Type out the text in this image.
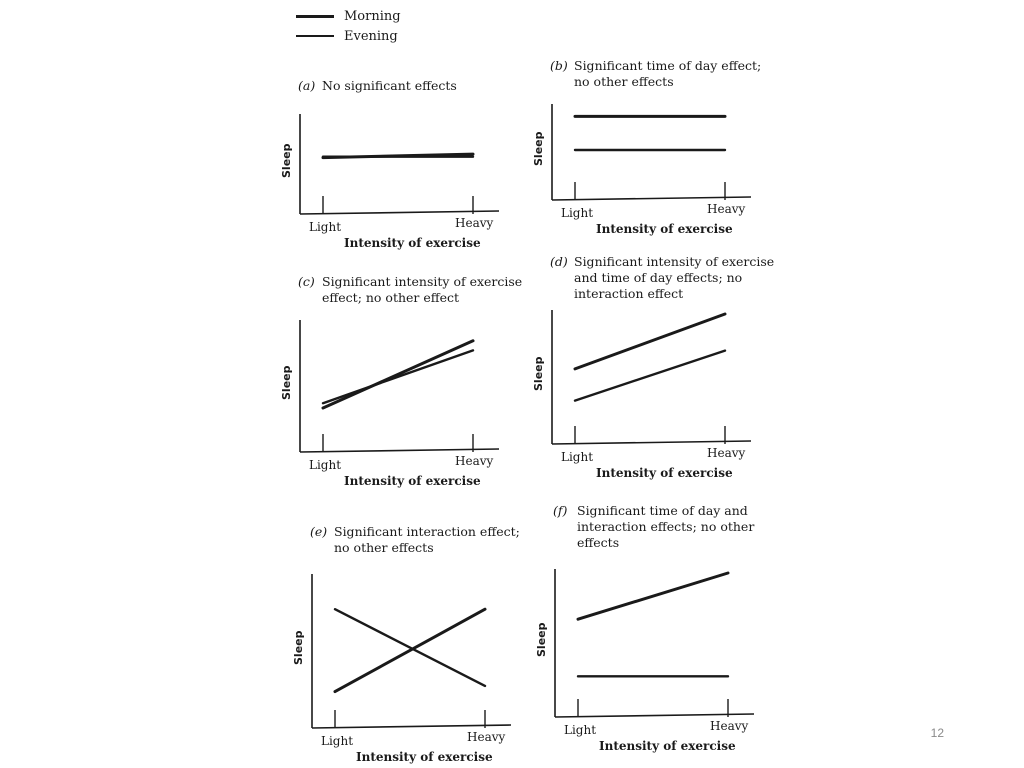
Morning
Evening
(a) No significant effects
Sleep
Light	Heavy
Intensity of exercise
(b) Significant time of day effect;
no other effects
Sleep
Light	Heavy
Intensity of exercise
(c) Significant intensity of exercise
effect; no other effect
Sleep
Light	Heavy
Intensity of exercise
(d) Significant intensity of exercise
and time of day effects; no
interaction effect
Sleep
Light	Heavy
Intensity of exercise
(e) Significant interaction effect;
no other effects
Sleep
Light	Heavy
Intensity of exercise
(f) Significant time of day and
interaction effects; no other
effects
Sleep
Light	Heavy
Intensity of exercise
12
